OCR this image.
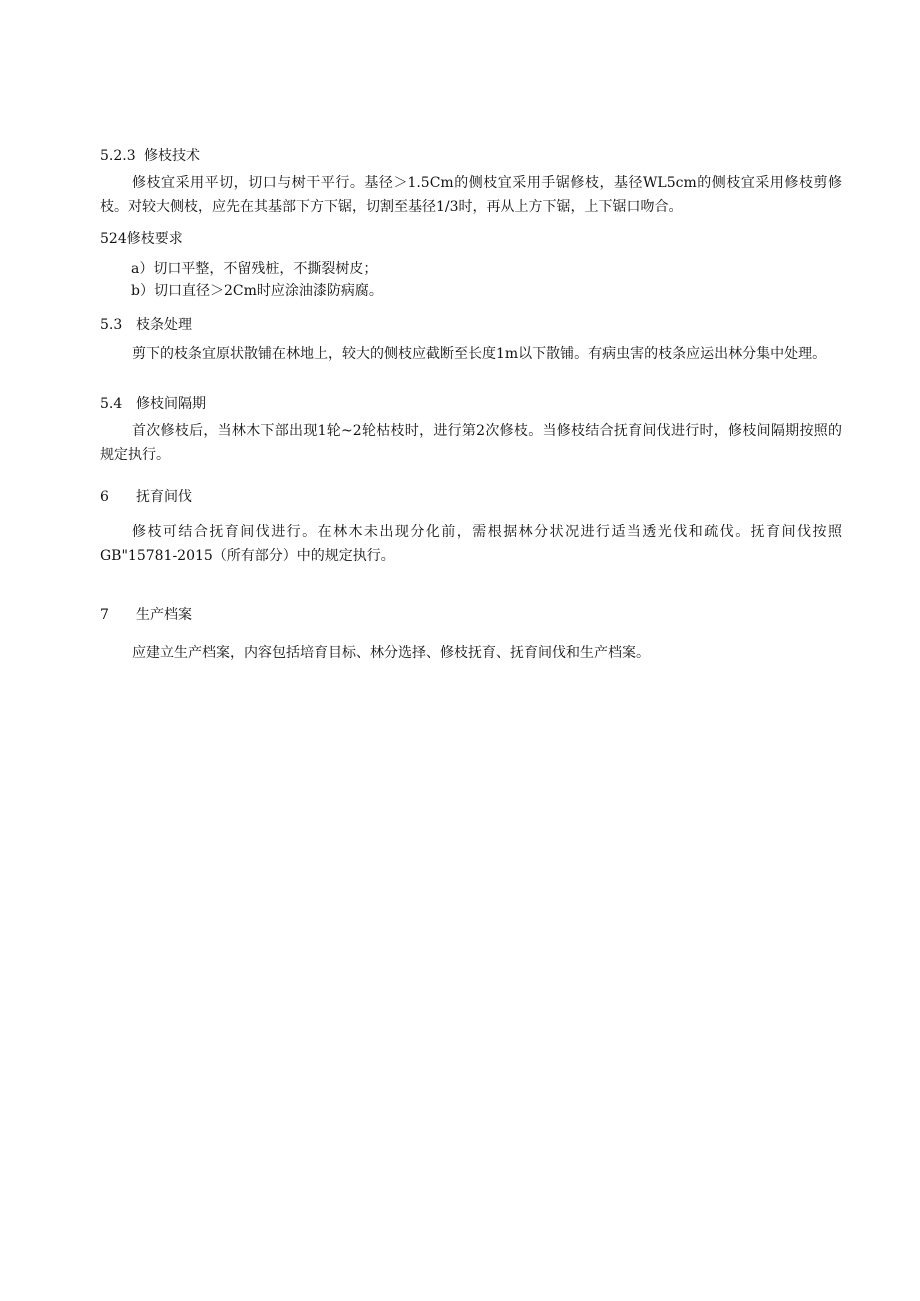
5.2.3 修枝技术
修枝宜采用平切，切口与树干平行。基径＞1.5Cm的侧枝宜采用手锯修枝，基径WL5cm的侧枝宜采用修枝剪修枝。对较大侧枝，应先在其基部下方下锯，切割至基径1/3时，再从上方下锯，上下锯口吻合。
524修枝要求
a）切口平整，不留残桩，不撕裂树皮；
b）切口直径＞2Cm时应涂油漆防病腐。
5.3 枝条处理
剪下的枝条宜原状散铺在林地上，较大的侧枝应截断至长度1m以下散铺。有病虫害的枝条应运出林分集中处理。
5.4 修枝间隔期
首次修枝后，当林木下部出现1轮~2轮枯枝时，进行第2次修枝。当修枝结合抚育间伐进行时，修枝间隔期按照的规定执行。
6 抚育间伐
修枝可结合抚育间伐进行。在林木未出现分化前，需根据林分状况进行适当透光伐和疏伐。抚育间伐按照GB"15781-2015（所有部分）中的规定执行。
7 生产档案
应建立生产档案，内容包括培育目标、林分选择、修枝抚育、抚育间伐和生产档案。
